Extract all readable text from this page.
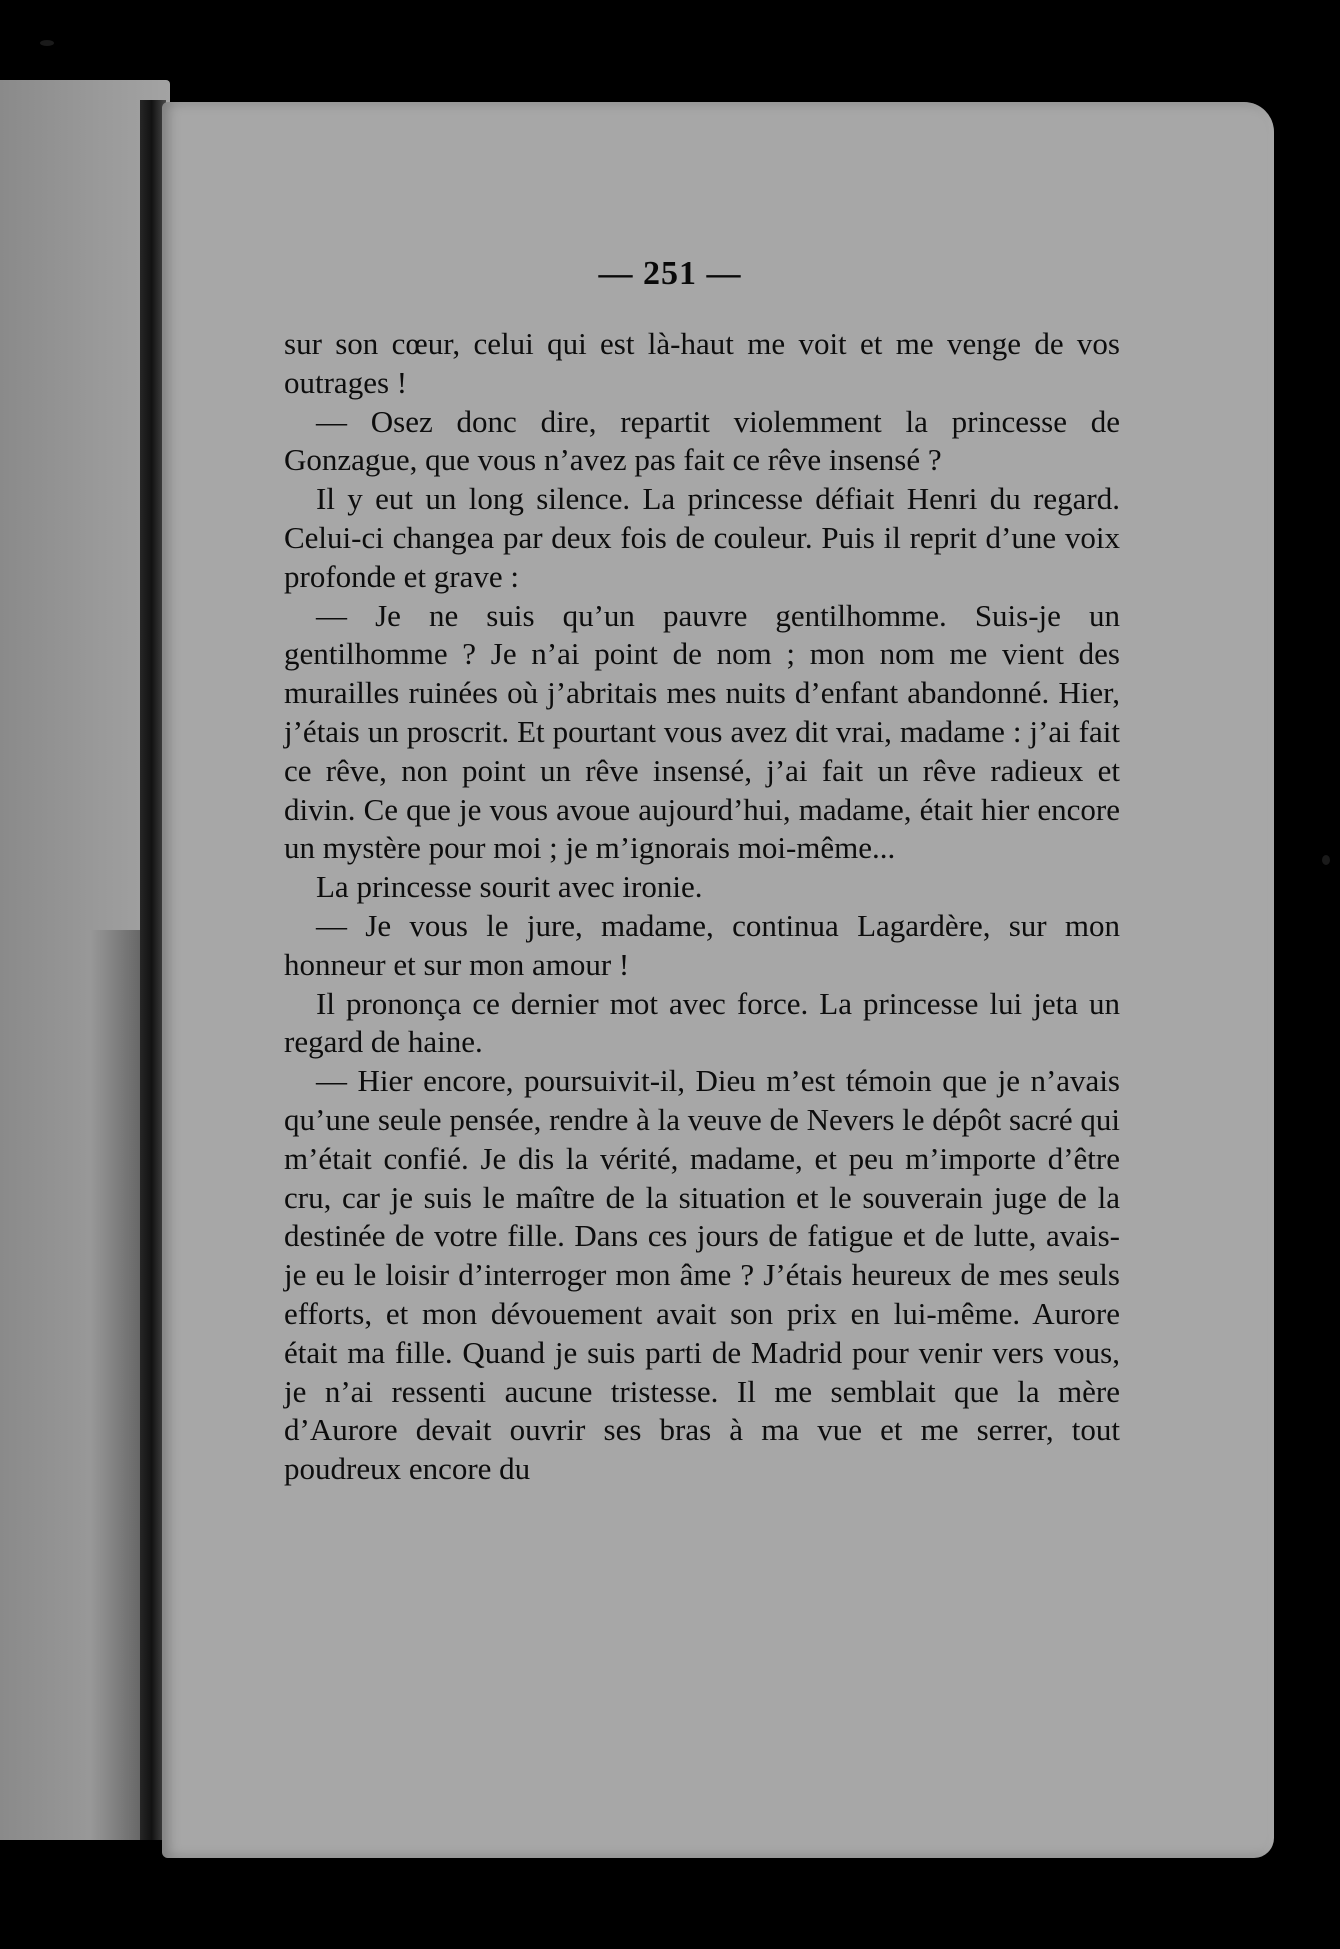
— 251 —

sur son cœur, celui qui est là-haut me voit et me venge de vos outrages !

— Osez donc dire, repartit violemment la princesse de Gonzague, que vous n’avez pas fait ce rêve insensé ?

Il y eut un long silence. La princesse défiait Henri du regard. Celui-ci changea par deux fois de couleur. Puis il reprit d’une voix profonde et grave :

— Je ne suis qu’un pauvre gentilhomme. Suis-je un gentilhomme ? Je n’ai point de nom ; mon nom me vient des murailles ruinées où j’abritais mes nuits d’enfant abandonné. Hier, j’étais un proscrit. Et pourtant vous avez dit vrai, madame : j’ai fait ce rêve, non point un rêve insensé, j’ai fait un rêve radieux et divin. Ce que je vous avoue aujourd’hui, madame, était hier encore un mystère pour moi ; je m’ignorais moi-même...

La princesse sourit avec ironie.

— Je vous le jure, madame, continua Lagardère, sur mon honneur et sur mon amour !

Il prononça ce dernier mot avec force. La princesse lui jeta un regard de haine.

— Hier encore, poursuivit-il, Dieu m’est témoin que je n’avais qu’une seule pensée, rendre à la veuve de Nevers le dépôt sacré qui m’était confié. Je dis la vérité, madame, et peu m’importe d’être cru, car je suis le maître de la situation et le souverain juge de la destinée de votre fille. Dans ces jours de fatigue et de lutte, avais-je eu le loisir d’interroger mon âme ? J’étais heureux de mes seuls efforts, et mon dévouement avait son prix en lui-même. Aurore était ma fille. Quand je suis parti de Madrid pour venir vers vous, je n’ai ressenti aucune tristesse. Il me semblait que la mère d’Aurore devait ouvrir ses bras à ma vue et me serrer, tout poudreux encore du
